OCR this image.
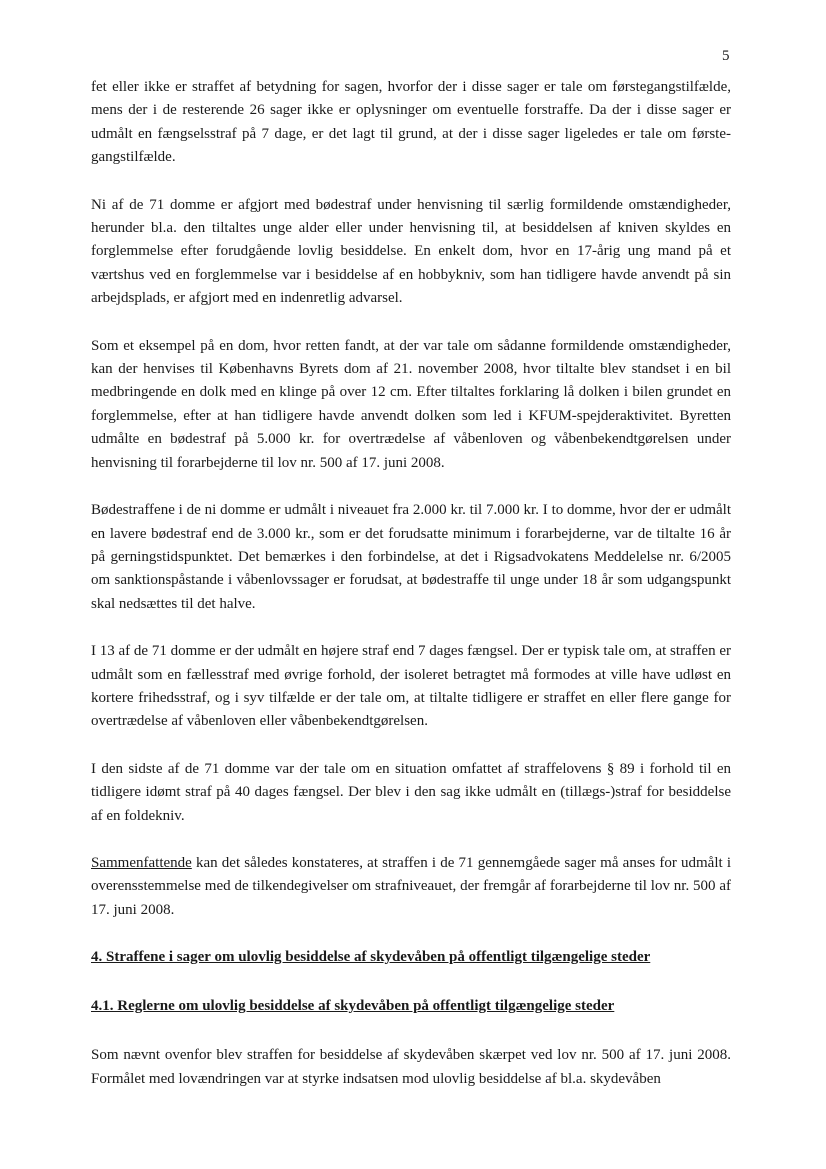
5

fet eller ikke er straffet af betydning for sagen, hvorfor der i disse sager er tale om førstegangstilfælde, mens der i de resterende 26 sager ikke er oplysninger om eventuelle forstraffe. Da der i disse sager er udmålt en fængselsstraf på 7 dage, er det lagt til grund, at der i disse sager ligeledes er tale om førstegangstilfælde.

Ni af de 71 domme er afgjort med bødestraf under henvisning til særlig formildende omstændigheder, herunder bl.a. den tiltaltes unge alder eller under henvisning til, at besiddelsen af kniven skyldes en forglemmelse efter forudgående lovlig besiddelse. En enkelt dom, hvor en 17-årig ung mand på et værtshus ved en forglemmelse var i besiddelse af en hobbykniv, som han tidligere havde anvendt på sin arbejdsplads, er afgjort med en indenretlig advarsel.

Som et eksempel på en dom, hvor retten fandt, at der var tale om sådanne formildende omstændigheder, kan der henvises til Københavns Byrets dom af 21. november 2008, hvor tiltalte blev standset i en bil medbringende en dolk med en klinge på over 12 cm. Efter tiltaltes forklaring lå dolken i bilen grundet en forglemmelse, efter at han tidligere havde anvendt dolken som led i KFUM-spejderaktivitet. Byretten udmålte en bødestraf på 5.000 kr. for overtrædelse af våbenloven og våbenbekendtgørelsen under henvisning til forarbejderne til lov nr. 500 af 17. juni 2008.

Bødestraffene i de ni domme er udmålt i niveauet fra 2.000 kr. til 7.000 kr. I to domme, hvor der er udmålt en lavere bødestraf end de 3.000 kr., som er det forudsatte minimum i forarbejderne, var de tiltalte 16 år på gerningstidspunktet. Det bemærkes i den forbindelse, at det i Rigsadvokatens Meddelelse nr. 6/2005 om sanktionspåstande i våbenlovssager er forudsat, at bødestraffe til unge under 18 år som udgangspunkt skal nedsættes til det halve.

I 13 af de 71 domme er der udmålt en højere straf end 7 dages fængsel. Der er typisk tale om, at straffen er udmålt som en fællesstraf med øvrige forhold, der isoleret betragtet må formodes at ville have udløst en kortere frihedsstraf, og i syv tilfælde er der tale om, at tiltalte tidligere er straffet en eller flere gange for overtrædelse af våbenloven eller våbenbekendtgørelsen.

I den sidste af de 71 domme var der tale om en situation omfattet af straffelovens § 89 i forhold til en tidligere idømt straf på 40 dages fængsel. Der blev i den sag ikke udmålt en (tillægs-)straf for besiddelse af en foldekniv.

Sammenfattende kan det således konstateres, at straffen i de 71 gennemgåede sager må anses for udmålt i overensstemmelse med de tilkendegivelser om strafniveauet, der fremgår af forarbejderne til lov nr. 500 af 17. juni 2008.

4. Straffene i sager om ulovlig besiddelse af skydevåben på offentligt tilgængelige steder

4.1. Reglerne om ulovlig besiddelse af skydevåben på offentligt tilgængelige steder

Som nævnt ovenfor blev straffen for besiddelse af skydevåben skærpet ved lov nr. 500 af 17. juni 2008. Formålet med lovændringen var at styrke indsatsen mod ulovlig besiddelse af bl.a. skydevåben
